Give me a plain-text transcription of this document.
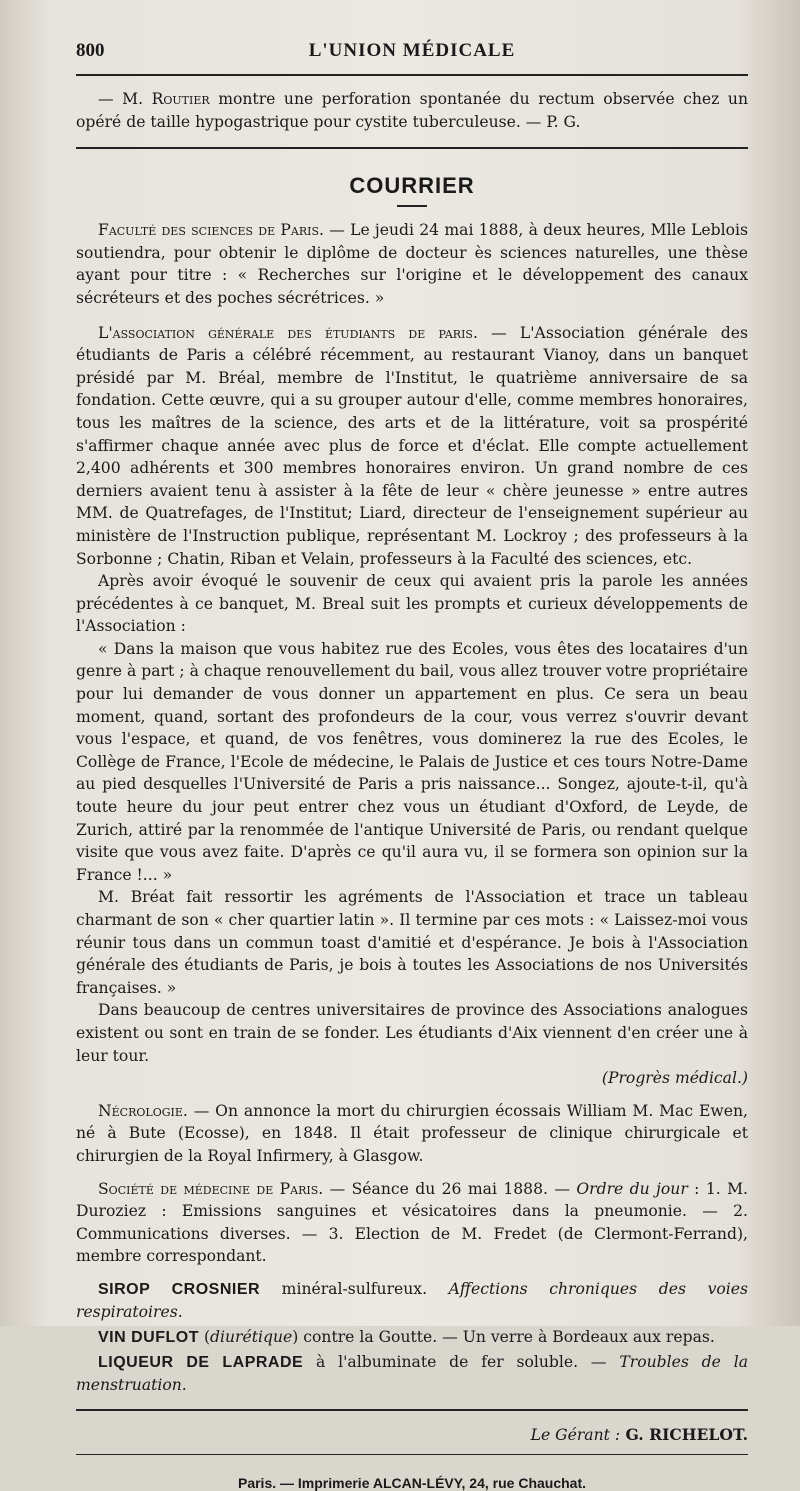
800	L'UNION MÉDICALE

— M. Routier montre une perforation spontanée du rectum observée chez un opéré de taille hypogastrique pour cystite tuberculeuse. — P. G.

COURRIER

Faculté des sciences de Paris. — Le jeudi 24 mai 1888, à deux heures, Mlle Leblois soutiendra, pour obtenir le diplôme de docteur ès sciences naturelles, une thèse ayant pour titre : « Recherches sur l'origine et le développement des canaux sécréteurs et des poches sécrétrices. »

L'association générale des étudiants de paris. — L'Association générale des étudiants de Paris a célébré récemment, au restaurant Vianoy, dans un banquet présidé par M. Bréal, membre de l'Institut, le quatrième anniversaire de sa fondation. Cette œuvre, qui a su grouper autour d'elle, comme membres honoraires, tous les maîtres de la science, des arts et de la littérature, voit sa prospérité s'affirmer chaque année avec plus de force et d'éclat. Elle compte actuellement 2,400 adhérents et 300 membres honoraires environ. Un grand nombre de ces derniers avaient tenu à assister à la fête de leur « chère jeunesse » entre autres MM. de Quatrefages, de l'Institut; Liard, directeur de l'enseignement supérieur au ministère de l'Instruction publique, représentant M. Lockroy ; des professeurs à la Sorbonne ; Chatin, Riban et Velain, professeurs à la Faculté des sciences, etc.

Après avoir évoqué le souvenir de ceux qui avaient pris la parole les années précédentes à ce banquet, M. Breal suit les prompts et curieux développements de l'Association :

« Dans la maison que vous habitez rue des Ecoles, vous êtes des locataires d'un genre à part ; à chaque renouvellement du bail, vous allez trouver votre propriétaire pour lui demander de vous donner un appartement en plus. Ce sera un beau moment, quand, sortant des profondeurs de la cour, vous verrez s'ouvrir devant vous l'espace, et quand, de vos fenêtres, vous dominerez la rue des Ecoles, le Collège de France, l'Ecole de médecine, le Palais de Justice et ces tours Notre-Dame au pied desquelles l'Université de Paris a pris naissance... Songez, ajoute-t-il, qu'à toute heure du jour peut entrer chez vous un étudiant d'Oxford, de Leyde, de Zurich, attiré par la renommée de l'antique Université de Paris, ou rendant quelque visite que vous avez faite. D'après ce qu'il aura vu, il se formera son opinion sur la France !... »

M. Bréat fait ressortir les agréments de l'Association et trace un tableau charmant de son « cher quartier latin ». Il termine par ces mots : « Laissez-moi vous réunir tous dans un commun toast d'amitié et d'espérance. Je bois à l'Association générale des étudiants de Paris, je bois à toutes les Associations de nos Universités françaises. »

Dans beaucoup de centres universitaires de province des Associations analogues existent ou sont en train de se fonder. Les étudiants d'Aix viennent d'en créer une à leur tour.

(Progrès médical.)

Nécrologie. — On annonce la mort du chirurgien écossais William M. Mac Ewen, né à Bute (Ecosse), en 1848. Il était professeur de clinique chirurgicale et chirurgien de la Royal Infirmery, à Glasgow.

Société de médecine de Paris. — Séance du 26 mai 1888. — Ordre du jour : 1. M. Duroziez : Emissions sanguines et vésicatoires dans la pneumonie. — 2. Communications diverses. — 3. Election de M. Fredet (de Clermont-Ferrand), membre correspondant.

SIROP CROSNIER minéral-sulfureux. Affections chroniques des voies respiratoires.

VIN DUFLOT (diurétique) contre la Goutte. — Un verre à Bordeaux aux repas.

LIQUEUR DE LAPRADE à l'albuminate de fer soluble. — Troubles de la menstruation.

Le Gérant : G. RICHELOT.
Paris. — Imprimerie ALCAN-LÉVY, 24, rue Chauchat.
